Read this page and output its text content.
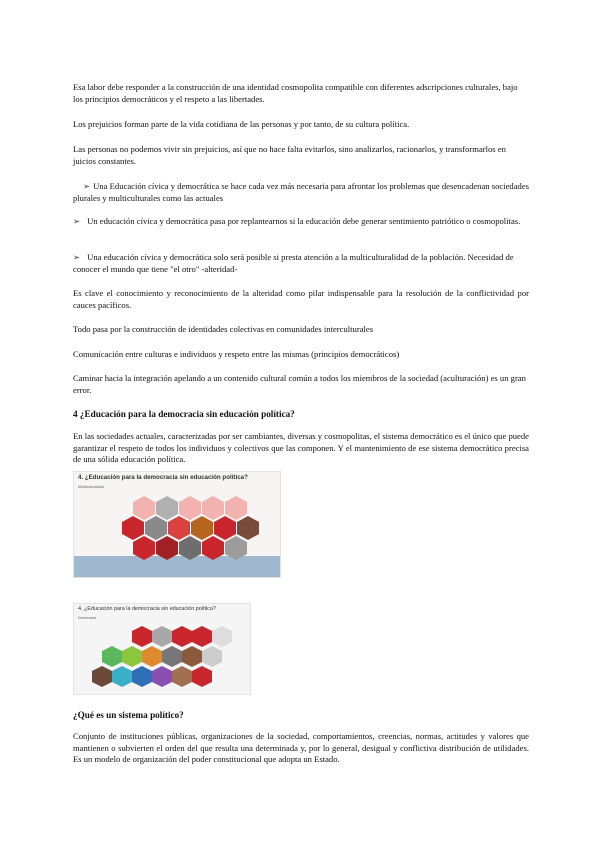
Esa labor debe responder a la construcción de una identidad cosmopolita compatible con diferentes adscripciones culturales, bajo los principios democráticos y el respeto a las libertades.

Los prejuicios forman parte de la vida cotidiana de las personas y por tanto, de su cultura política.

Las personas no podemos vivir sin prejuicios, así que no hace falta evitarlos, sino analizarlos, racionarlos, y transformarlos en juicios constantes.

➢ Una Educación cívica y democrática se hace cada vez más necesaria para afrontar los problemas que desencadenan sociedades plurales y multiculturales como las actuales

➢ Un educación cívica y democrática pasa por replantearnos si la educación debe generar sentimiento patriótico o cosmopolitas.

➢ Una educación cívica y democrática solo será posible si presta atención a la multiculturalidad de la población. Necesidad de conocer el mundo que tiene "el otro" -alteridad-

Es clave el conocimiento y reconocimiento de la alteridad como pilar indispensable para la resolución de la conflictividad por cauces pacíficos.

Todo pasa por la construcción de identidades colectivas en comunidades interculturales

Comunicación entre culturas e individuos y respeto entre las mismas (principios democráticos)

Caminar hacia la integración apelando a un contenido cultural común a todos los miembros de la sociedad (aculturación) es un gran error.

4 ¿Educación para la democracia sin educación política?

En las sociedades actuales, caracterizadas por ser cambiantes, diversas y cosmopolitas, el sistema democrático es el único que puede garantizar el respeto de todos los individuos y colectivos que las componen. Y el mantenimiento de ese sistema democrático precisa de una sólida educación política.

4. ¿Educación para la democracia sin educación política?
Multiculturalidad
4. ¿Educación para la democracia sin educación política?
Democracia
¿Qué es un sistema político?

Conjunto de instituciones públicas, organizaciones de la sociedad, comportamientos, creencias, normas, actitudes y valores que mantienen o subvierten el orden del que resulta una determinada y, por lo general, desigual y conflictiva distribución de utilidades. Es un modelo de organización del poder constitucional que adopta un Estado.
